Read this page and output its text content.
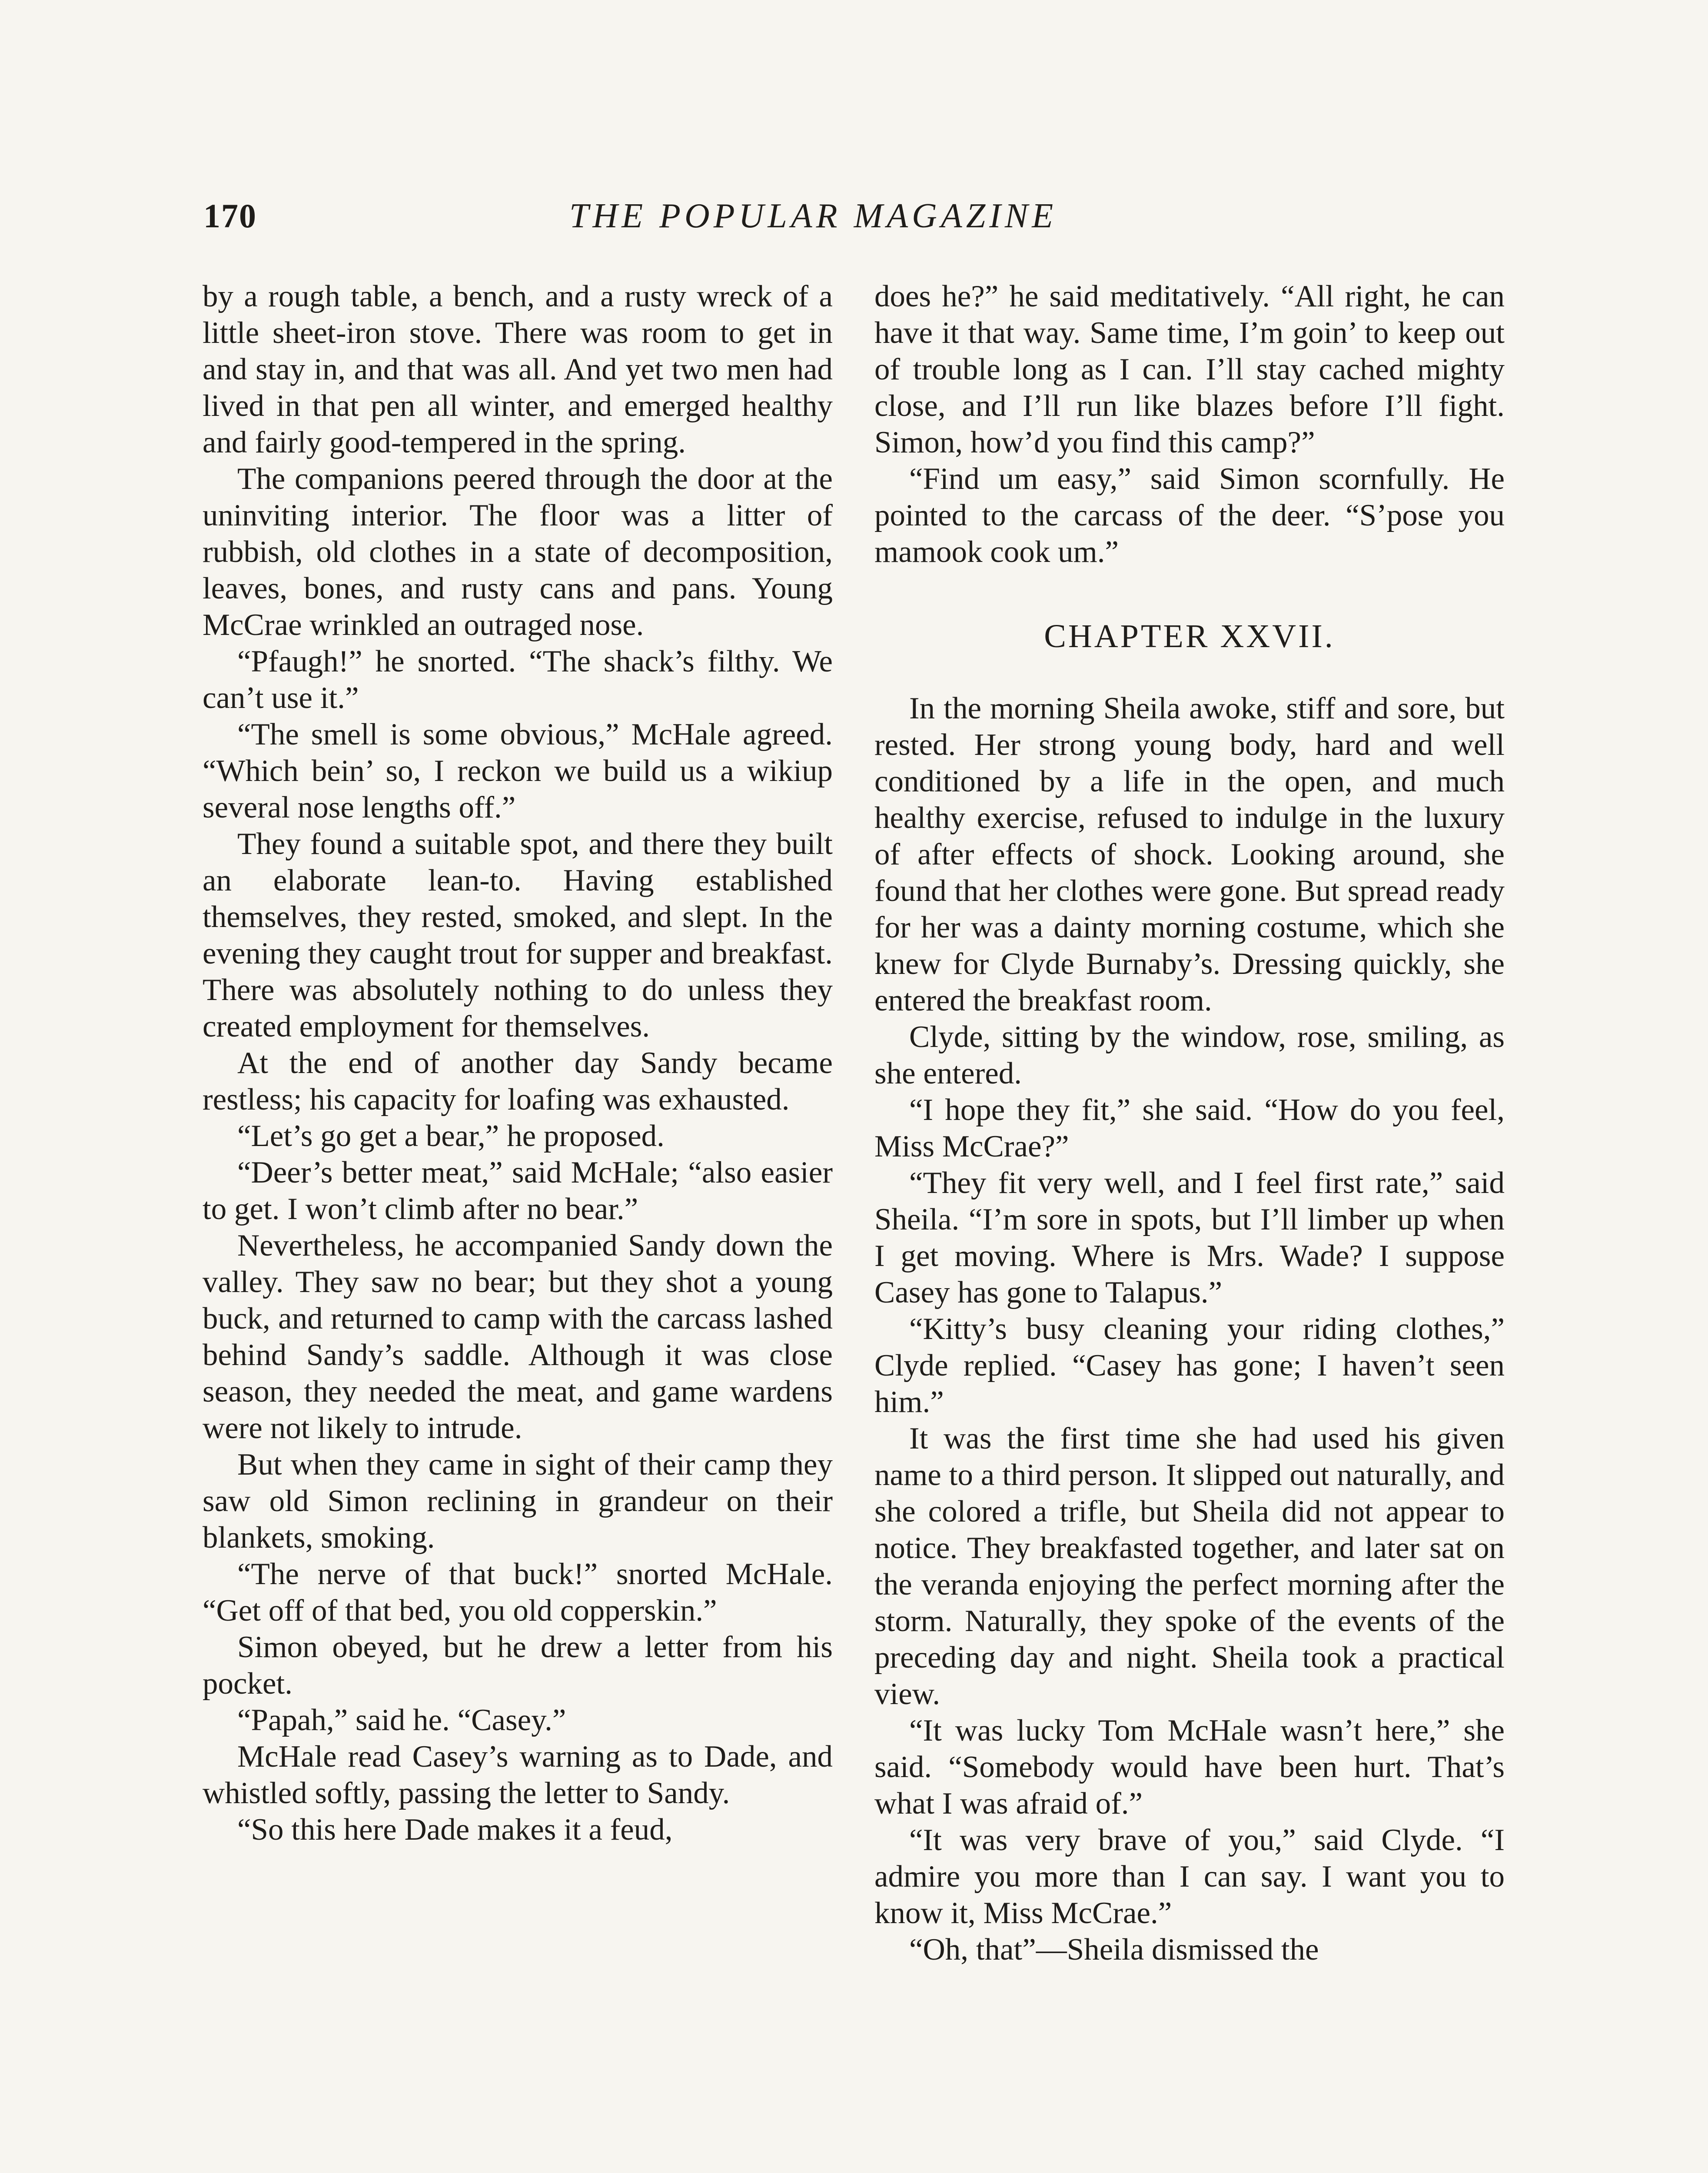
170	THE POPULAR MAGAZINE

by a rough table, a bench, and a rusty wreck of a little sheet-iron stove. There was room to get in and stay in, and that was all. And yet two men had lived in that pen all winter, and emerged healthy and fairly good-tempered in the spring.

The companions peered through the door at the uninviting interior. The floor was a litter of rubbish, old clothes in a state of decomposition, leaves, bones, and rusty cans and pans. Young McCrae wrinkled an outraged nose.

“Pfaugh!” he snorted. “The shack’s filthy. We can’t use it.”

“The smell is some obvious,” McHale agreed. “Which bein’ so, I reckon we build us a wikiup several nose lengths off.”

They found a suitable spot, and there they built an elaborate lean-to. Having established themselves, they rested, smoked, and slept. In the evening they caught trout for supper and breakfast. There was absolutely nothing to do unless they created employment for themselves.

At the end of another day Sandy became restless; his capacity for loafing was exhausted.

“Let’s go get a bear,” he proposed.

“Deer’s better meat,” said McHale; “also easier to get. I won’t climb after no bear.”

Nevertheless, he accompanied Sandy down the valley. They saw no bear; but they shot a young buck, and returned to camp with the carcass lashed behind Sandy’s saddle. Although it was close season, they needed the meat, and game wardens were not likely to intrude.

But when they came in sight of their camp they saw old Simon reclining in grandeur on their blankets, smoking.

“The nerve of that buck!” snorted McHale. “Get off of that bed, you old copperskin.”

Simon obeyed, but he drew a letter from his pocket.

“Papah,” said he. “Casey.”

McHale read Casey’s warning as to Dade, and whistled softly, passing the letter to Sandy.

“So this here Dade makes it a feud,

does he?” he said meditatively. “All right, he can have it that way. Same time, I’m goin’ to keep out of trouble long as I can. I’ll stay cached mighty close, and I’ll run like blazes before I’ll fight. Simon, how’d you find this camp?”

“Find um easy,” said Simon scornfully. He pointed to the carcass of the deer. “S’pose you mamook cook um.”

CHAPTER XXVII.

In the morning Sheila awoke, stiff and sore, but rested. Her strong young body, hard and well conditioned by a life in the open, and much healthy exercise, refused to indulge in the luxury of after effects of shock. Looking around, she found that her clothes were gone. But spread ready for her was a dainty morning costume, which she knew for Clyde Burnaby’s. Dressing quickly, she entered the breakfast room.

Clyde, sitting by the window, rose, smiling, as she entered.

“I hope they fit,” she said. “How do you feel, Miss McCrae?”

“They fit very well, and I feel first rate,” said Sheila. “I’m sore in spots, but I’ll limber up when I get moving. Where is Mrs. Wade? I suppose Casey has gone to Talapus.”

“Kitty’s busy cleaning your riding clothes,” Clyde replied. “Casey has gone; I haven’t seen him.”

It was the first time she had used his given name to a third person. It slipped out naturally, and she colored a trifle, but Sheila did not appear to notice. They breakfasted together, and later sat on the veranda enjoying the perfect morning after the storm. Naturally, they spoke of the events of the preceding day and night. Sheila took a practical view.

“It was lucky Tom McHale wasn’t here,” she said. “Somebody would have been hurt. That’s what I was afraid of.”

“It was very brave of you,” said Clyde. “I admire you more than I can say. I want you to know it, Miss McCrae.”

“Oh, that”—Sheila dismissed the
